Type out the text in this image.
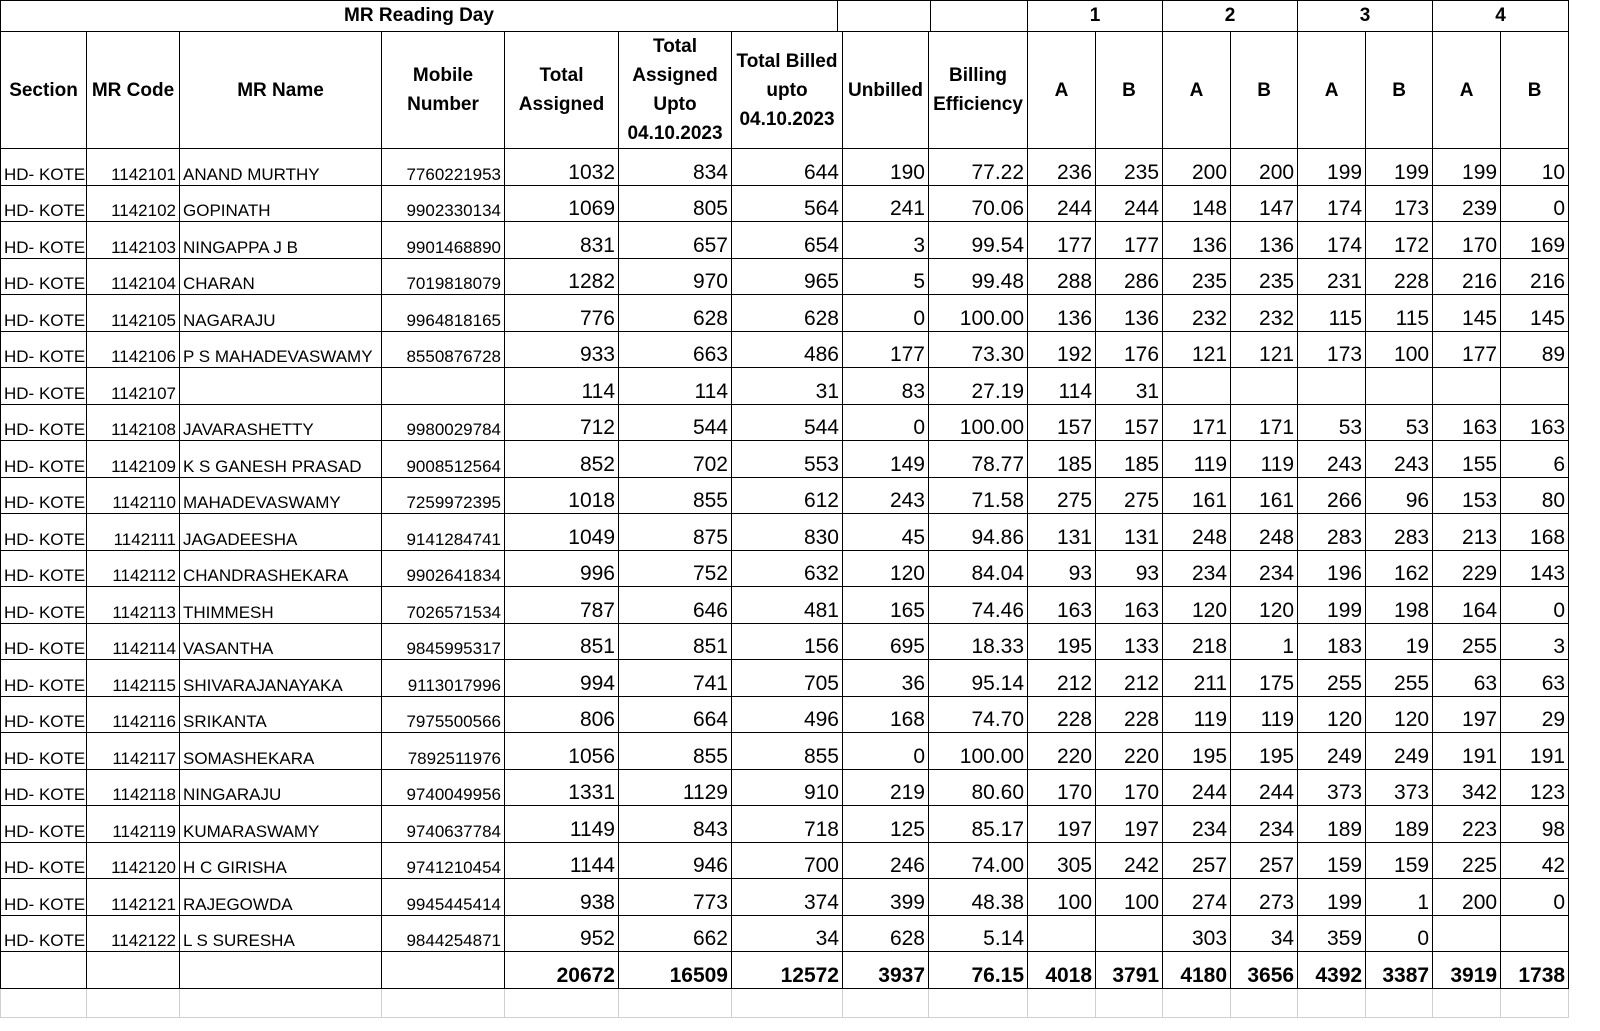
MR Reading Day		
		1	2	3	4
Section	MR Code	MR Name	Mobile Number	Total Assigned	Total Assigned Upto 04.10.2023	Total Billed upto 04.10.2023	Unbilled	Billing Efficiency	A	B	A	B	A	B	A	B
HD- KOTE	1142101	ANAND MURTHY	7760221953	1032	834	644	190	77.22	236	235	200	200	199	199	199	10
HD- KOTE	1142102	GOPINATH	9902330134	1069	805	564	241	70.06	244	244	148	147	174	173	239	0
HD- KOTE	1142103	NINGAPPA J B	9901468890	831	657	654	3	99.54	177	177	136	136	174	172	170	169
HD- KOTE	1142104	CHARAN	7019818079	1282	970	965	5	99.48	288	286	235	235	231	228	216	216
HD- KOTE	1142105	NAGARAJU	9964818165	776	628	628	0	100.00	136	136	232	232	115	115	145	145
HD- KOTE	1142106	P S MAHADEVASWAMY	8550876728	933	663	486	177	73.30	192	176	121	121	173	100	177	89
HD- KOTE	1142107			114	114	31	83	27.19	114	31						
HD- KOTE	1142108	JAVARASHETTY	9980029784	712	544	544	0	100.00	157	157	171	171	53	53	163	163
HD- KOTE	1142109	K S GANESH PRASAD	9008512564	852	702	553	149	78.77	185	185	119	119	243	243	155	6
HD- KOTE	1142110	MAHADEVASWAMY	7259972395	1018	855	612	243	71.58	275	275	161	161	266	96	153	80
HD- KOTE	1142111	JAGADEESHA	9141284741	1049	875	830	45	94.86	131	131	248	248	283	283	213	168
HD- KOTE	1142112	CHANDRASHEKARA	9902641834	996	752	632	120	84.04	93	93	234	234	196	162	229	143
HD- KOTE	1142113	THIMMESH	7026571534	787	646	481	165	74.46	163	163	120	120	199	198	164	0
HD- KOTE	1142114	VASANTHA	9845995317	851	851	156	695	18.33	195	133	218	1	183	19	255	3
HD- KOTE	1142115	SHIVARAJANAYAKA	9113017996	994	741	705	36	95.14	212	212	211	175	255	255	63	63
HD- KOTE	1142116	SRIKANTA	7975500566	806	664	496	168	74.70	228	228	119	119	120	120	197	29
HD- KOTE	1142117	SOMASHEKARA	7892511976	1056	855	855	0	100.00	220	220	195	195	249	249	191	191
HD- KOTE	1142118	NINGARAJU	9740049956	1331	1129	910	219	80.60	170	170	244	244	373	373	342	123
HD- KOTE	1142119	KUMARASWAMY	9740637784	1149	843	718	125	85.17	197	197	234	234	189	189	223	98
HD- KOTE	1142120	H C GIRISHA	9741210454	1144	946	700	246	74.00	305	242	257	257	159	159	225	42
HD- KOTE	1142121	RAJEGOWDA	9945445414	938	773	374	399	48.38	100	100	274	273	199	1	200	0
HD- KOTE	1142122	L S SURESHA	9844254871	952	662	34	628	5.14			303	34	359	0		
				20672	16509	12572	3937	76.15	4018	3791	4180	3656	4392	3387	3919	1738
